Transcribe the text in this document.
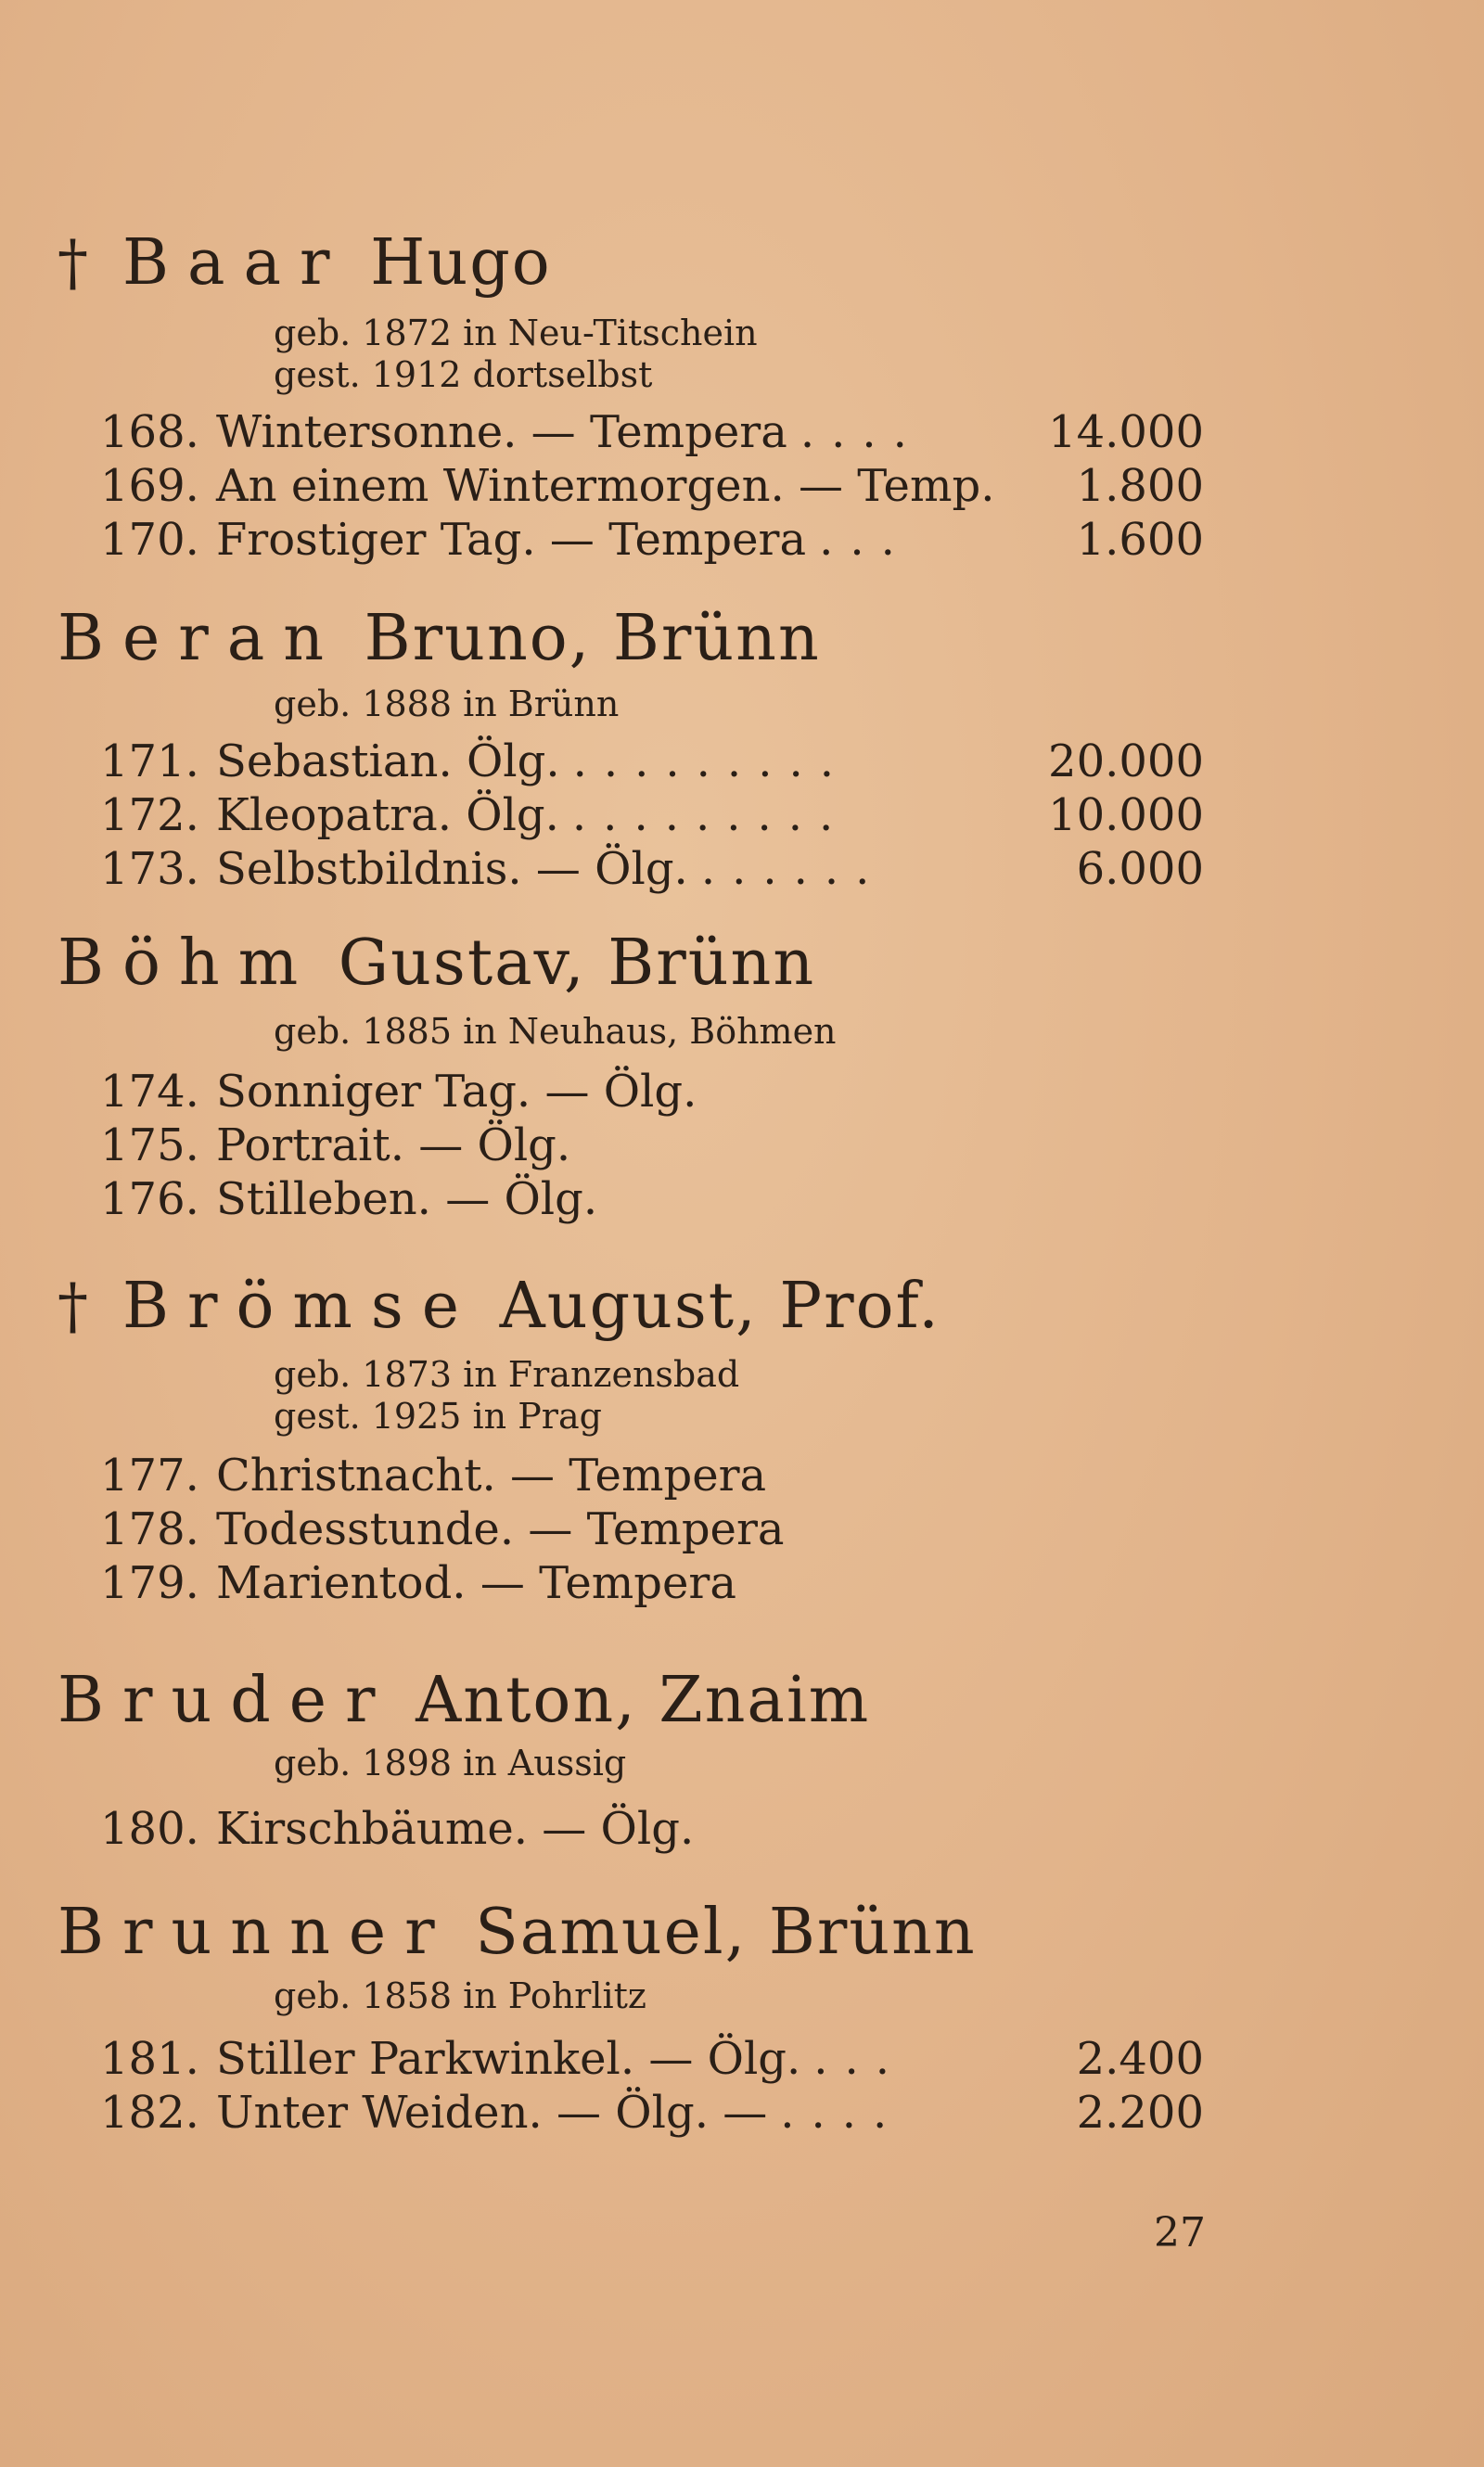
† Baar Hugo
geb. 1872 in Neu-Titschein
gest. 1912 dortselbst
168. Wintersonne. — Tempera ....	14.000
169. An einem Wintermorgen. — Temp. 1.800
170. Frostiger Tag. — Tempera ...	1.600
Beran Bruno, Brünn
geb. 1888 in Brünn
171. Sebastian. Ölg. .........	20.000
172. Kleopatra. Ölg. .........	10.000
173. Selbstbildnis. — Ölg. ......	6.000
Böhm Gustav, Brünn
geb. 1885 in Neuhaus, Böhmen
174. Sonniger Tag. — Ölg.
175. Portrait. — Ölg.
176. Stilleben. — Ölg.
† Brömse August, Prof.
geb. 1873 in Franzensbad
gest. 1925 in Prag
177. Christnacht. — Tempera
178. Todesstunde. — Tempera
179. Marientod. — Tempera
Bruder Anton, Znaim
geb. 1898 in Aussig
180. Kirschbäume. — Ölg.
Brunner Samuel, Brünn
geb. 1858 in Pohrlitz
181. Stiller Parkwinkel. — Ölg. ...	2.400
182. Unter Weiden. — Ölg. — ....	2.200
27
